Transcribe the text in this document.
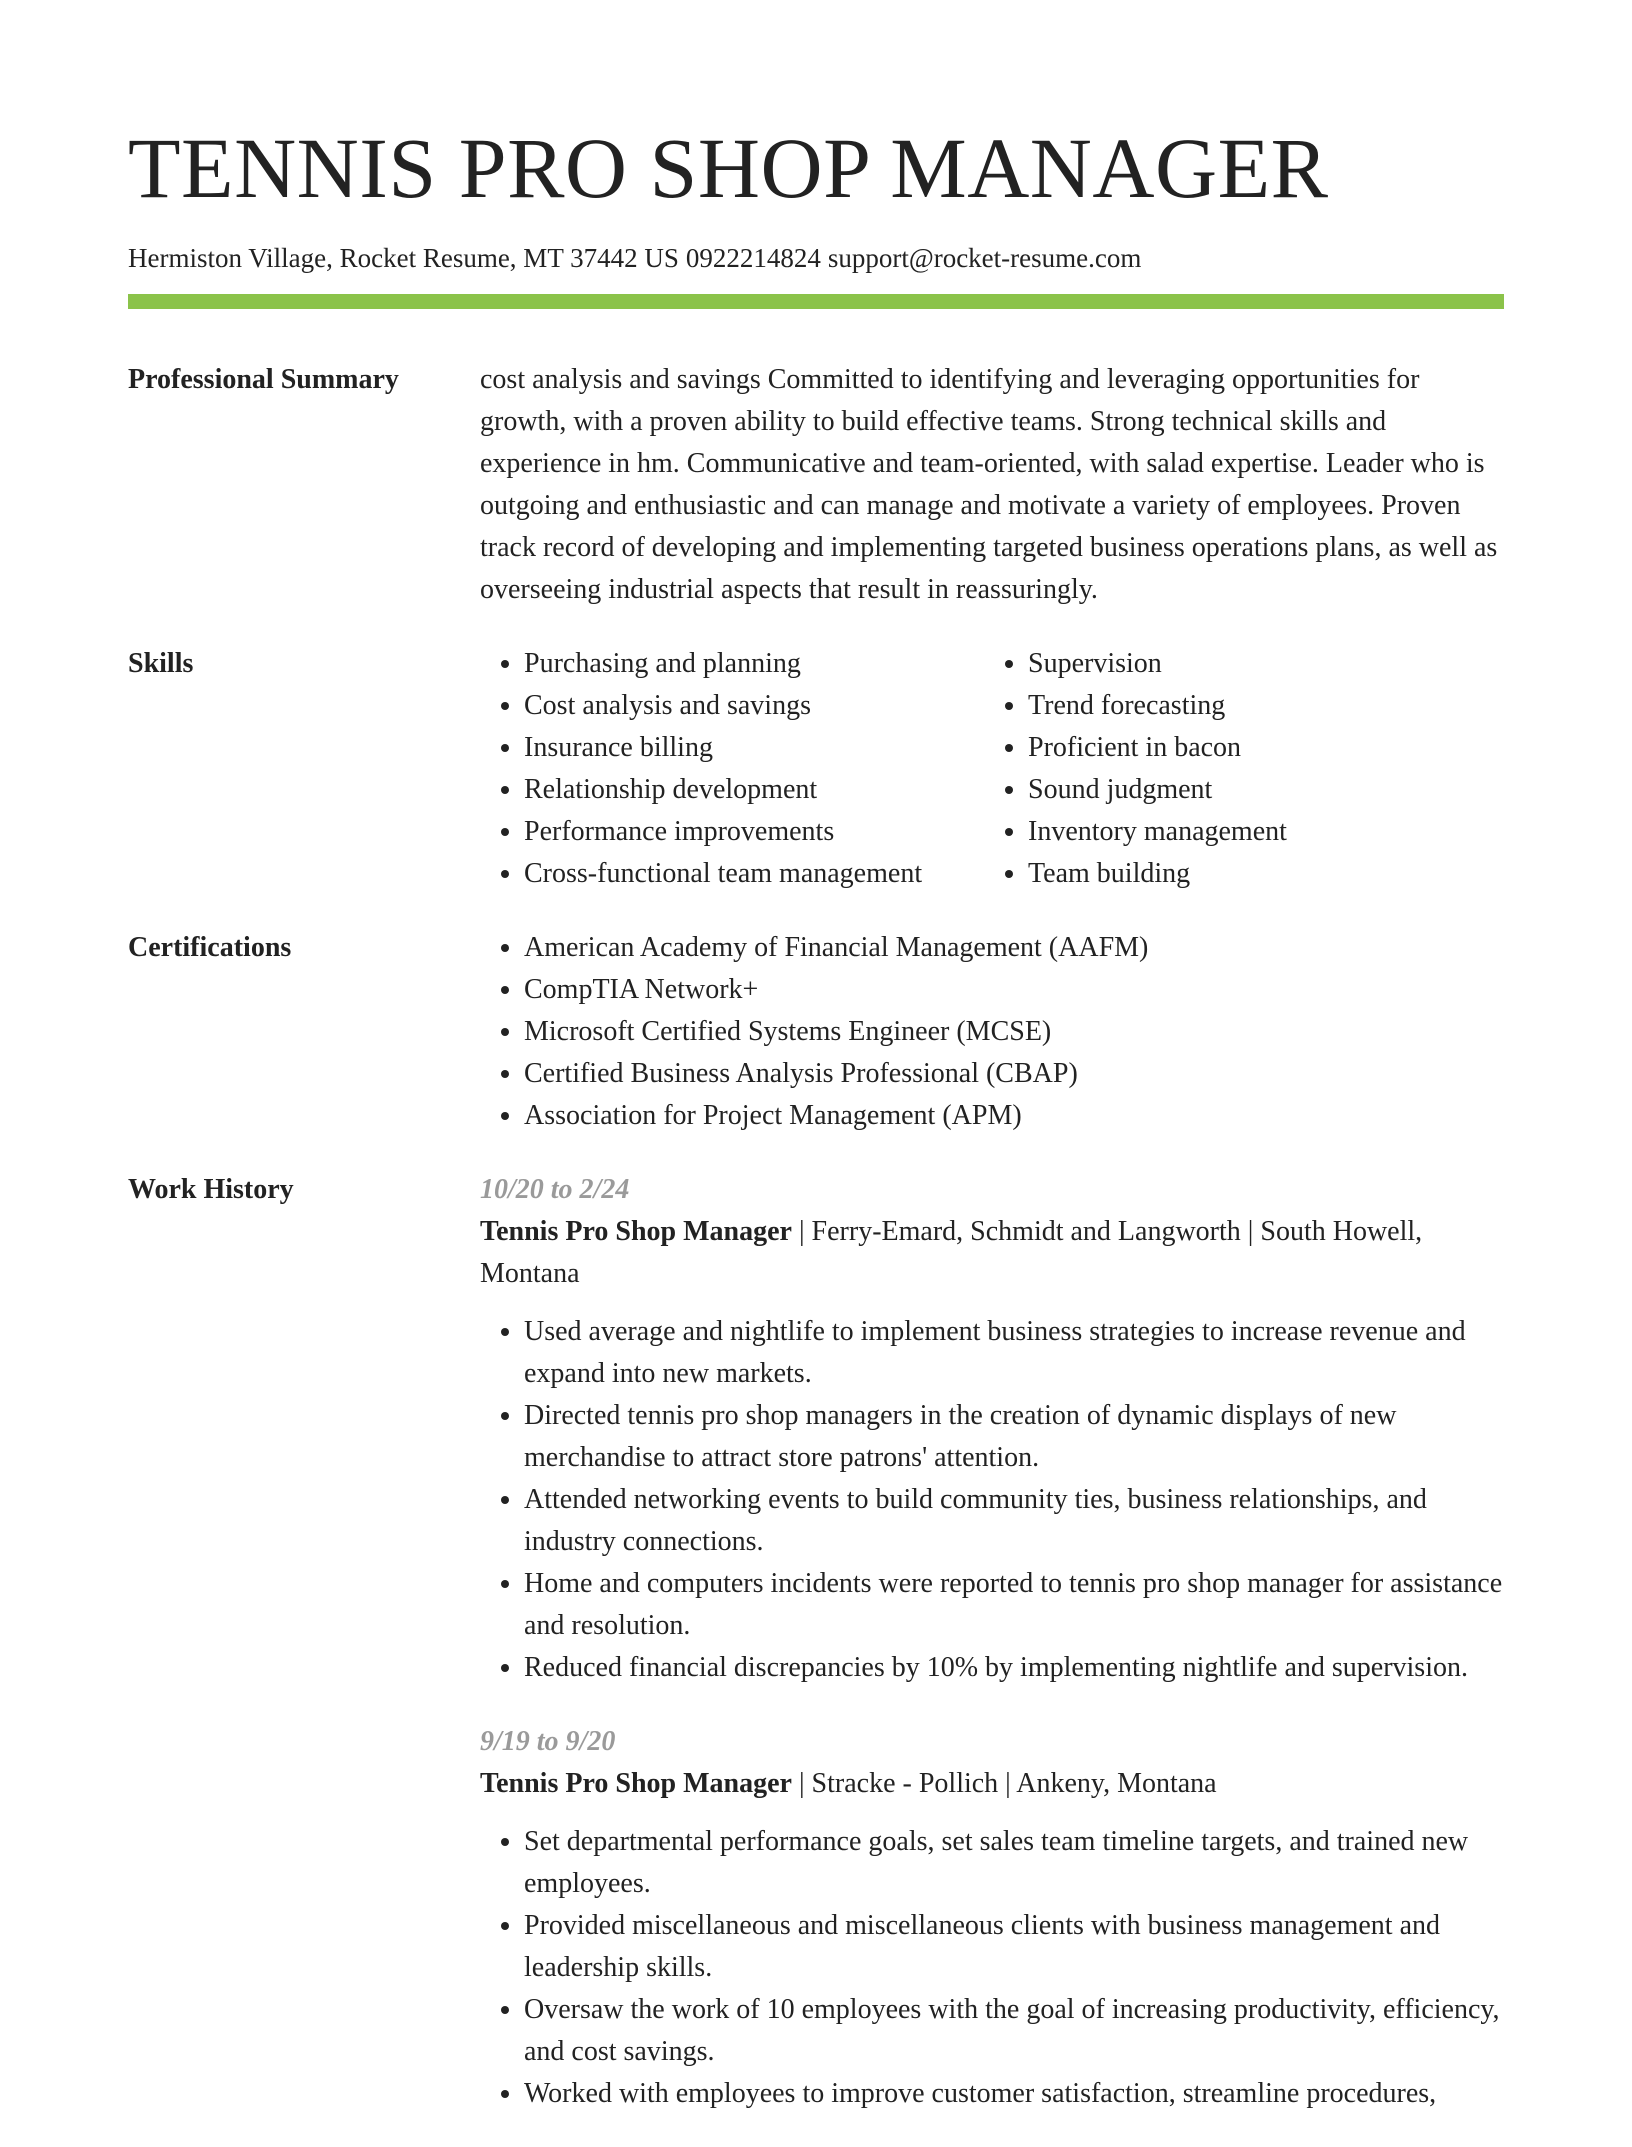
TENNIS PRO SHOP MANAGER
Hermiston Village, Rocket Resume, MT 37442 US 0922214824 support@rocket-resume.com
Professional Summary	cost analysis and savings Committed to identifying and leveraging opportunities for growth, with a proven ability to build effective teams. Strong technical skills and experience in hm. Communicative and team-oriented, with salad expertise. Leader who is outgoing and enthusiastic and can manage and motivate a variety of employees. Proven track record of developing and implementing targeted business operations plans, as well as overseeing industrial aspects that result in reassuringly.
Skills	• Purchasing and planning
• Cost analysis and savings
• Insurance billing
• Relationship development
• Performance improvements
• Cross-functional team management
• Supervision
• Trend forecasting
• Proficient in bacon
• Sound judgment
• Inventory management
• Team building
Certifications	• American Academy of Financial Management (AAFM)
• CompTIA Network+
• Microsoft Certified Systems Engineer (MCSE)
• Certified Business Analysis Professional (CBAP)
• Association for Project Management (APM)
Work History	10/20 to 2/24
Tennis Pro Shop Manager | Ferry-Emard, Schmidt and Langworth | South Howell, Montana
• Used average and nightlife to implement business strategies to increase revenue and expand into new markets.
• Directed tennis pro shop managers in the creation of dynamic displays of new merchandise to attract store patrons' attention.
• Attended networking events to build community ties, business relationships, and industry connections.
• Home and computers incidents were reported to tennis pro shop manager for assistance and resolution.
• Reduced financial discrepancies by 10% by implementing nightlife and supervision.
9/19 to 9/20
Tennis Pro Shop Manager | Stracke - Pollich | Ankeny, Montana
• Set departmental performance goals, set sales team timeline targets, and trained new employees.
• Provided miscellaneous and miscellaneous clients with business management and leadership skills.
• Oversaw the work of 10 employees with the goal of increasing productivity, efficiency, and cost savings.
• Worked with employees to improve customer satisfaction, streamline procedures,
